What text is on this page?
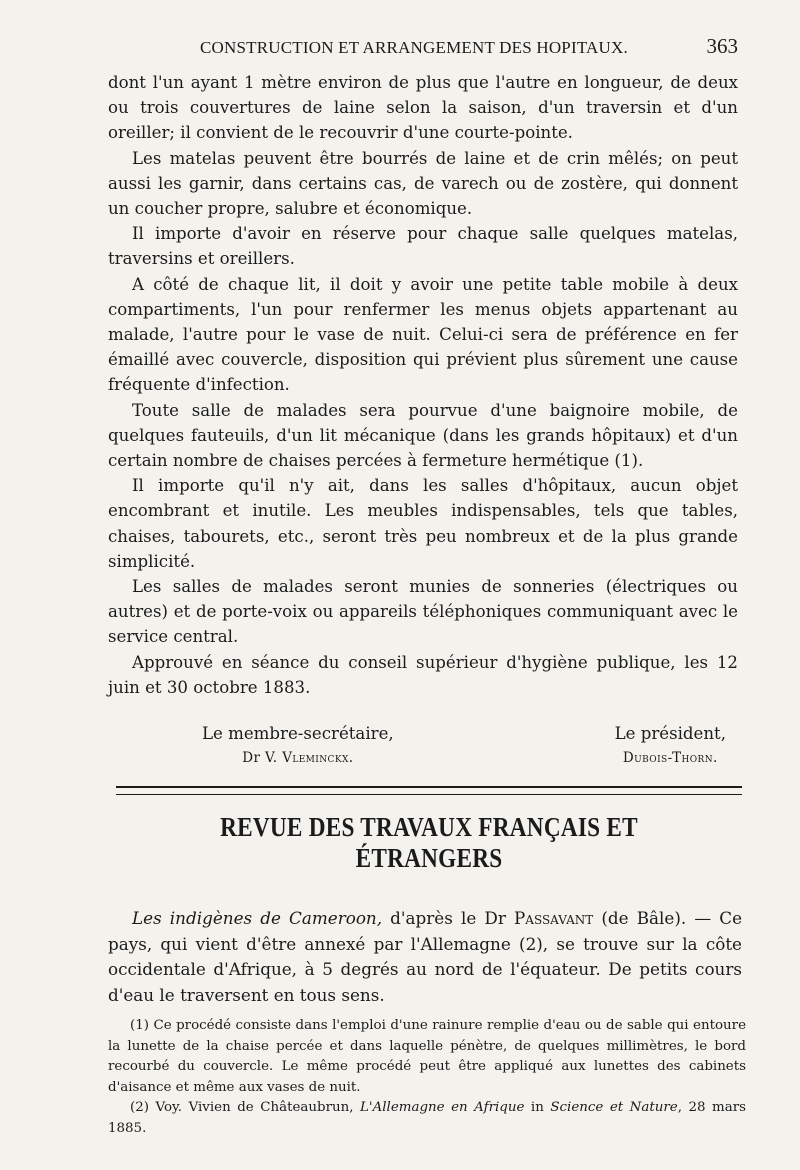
CONSTRUCTION ET ARRANGEMENT DES HOPITAUX.	363

dont l'un ayant 1 mètre environ de plus que l'autre en longueur, de deux ou trois couvertures de laine selon la saison, d'un traversin et d'un oreiller; il convient de le recouvrir d'une courte-pointe.

Les matelas peuvent être bourrés de laine et de crin mêlés; on peut aussi les garnir, dans certains cas, de varech ou de zostère, qui donnent un coucher propre, salubre et économique.

Il importe d'avoir en réserve pour chaque salle quelques matelas, traversins et oreillers.

A côté de chaque lit, il doit y avoir une petite table mobile à deux compartiments, l'un pour renfermer les menus objets appartenant au malade, l'autre pour le vase de nuit. Celui-ci sera de préférence en fer émaillé avec couvercle, disposition qui prévient plus sûrement une cause fréquente d'infection.

Toute salle de malades sera pourvue d'une baignoire mobile, de quelques fauteuils, d'un lit mécanique (dans les grands hôpitaux) et d'un certain nombre de chaises percées à fermeture hermétique (1).

Il importe qu'il n'y ait, dans les salles d'hôpitaux, aucun objet encombrant et inutile. Les meubles indispensables, tels que tables, chaises, tabourets, etc., seront très peu nombreux et de la plus grande simplicité.

Les salles de malades seront munies de sonneries (électriques ou autres) et de porte-voix ou appareils téléphoniques communiquant avec le service central.

Approuvé en séance du conseil supérieur d'hygiène publique, les 12 juin et 30 octobre 1883.

Le membre-secrétaire,
Dr V. Vleminckx.
Le président,
Dubois-Thorn.
REVUE DES TRAVAUX FRANÇAIS ET ÉTRANGERS

Les indigènes de Cameroon, d'après le Dr Passavant (de Bâle). — Ce pays, qui vient d'être annexé par l'Allemagne (2), se trouve sur la côte occidentale d'Afrique, à 5 degrés au nord de l'équateur. De petits cours d'eau le traversent en tous sens.

(1) Ce procédé consiste dans l'emploi d'une rainure remplie d'eau ou de sable qui entoure la lunette de la chaise percée et dans laquelle pénètre, de quelques millimètres, le bord recourbé du couvercle. Le même procédé peut être appliqué aux lunettes des cabinets d'aisance et même aux vases de nuit.

(2) Voy. Vivien de Châteaubrun, L'Allemagne en Afrique in Science et Nature, 28 mars 1885.
